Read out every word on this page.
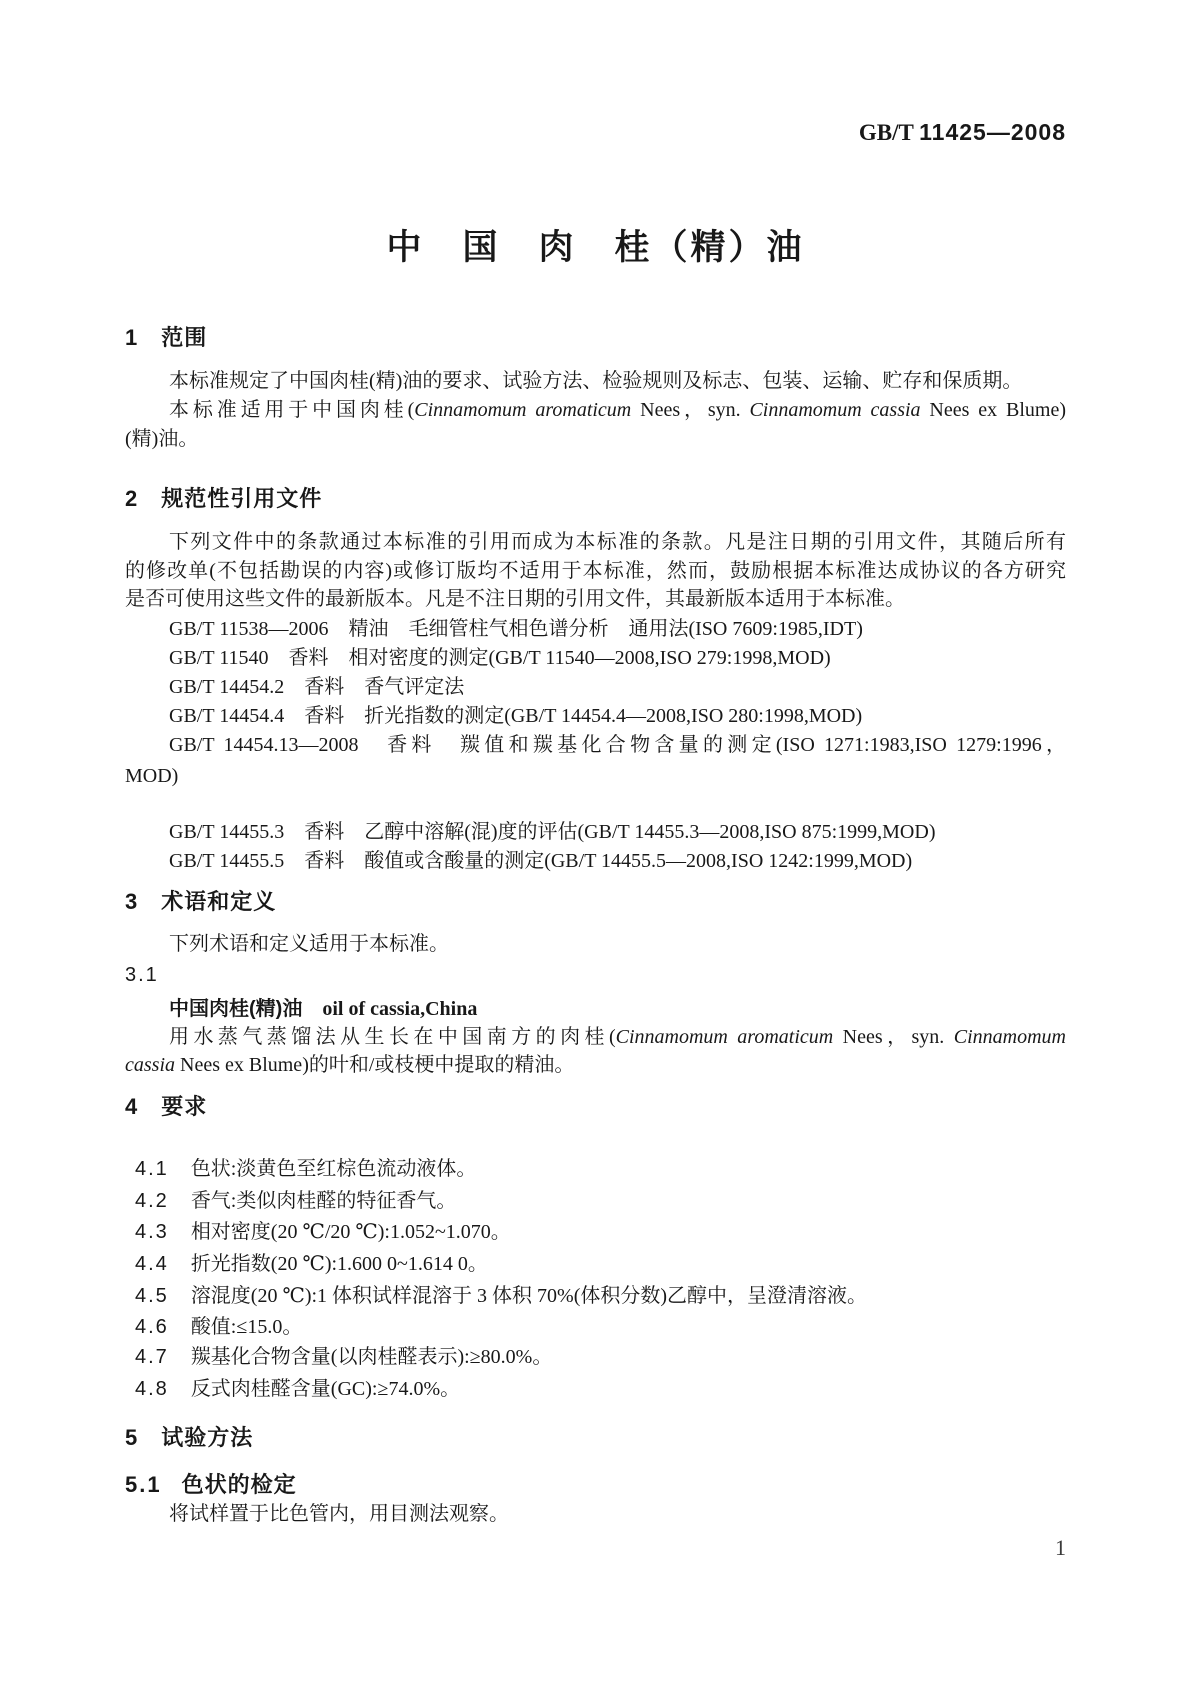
GB/T 11425—2008
中　国　肉　桂（精）油
1　范围
本标准规定了中国肉桂(精)油的要求、试验方法、检验规则及标志、包装、运输、贮存和保质期。
本标准适用于中国肉桂(Cinnamomum aromaticum Nees，syn. Cinnamomum cassia Nees ex Blume)
(精)油。
2　规范性引用文件
下列文件中的条款通过本标准的引用而成为本标准的条款。凡是注日期的引用文件，其随后所有
的修改单(不包括勘误的内容)或修订版均不适用于本标准，然而，鼓励根据本标准达成协议的各方研究
是否可使用这些文件的最新版本。凡是不注日期的引用文件，其最新版本适用于本标准。
GB/T 11538—2006　精油　毛细管柱气相色谱分析　通用法(ISO 7609:1985,IDT)
GB/T 11540　香料　相对密度的测定(GB/T 11540—2008,ISO 279:1998,MOD)
GB/T 14454.2　香料　香气评定法
GB/T 14454.4　香料　折光指数的测定(GB/T 14454.4—2008,ISO 280:1998,MOD)
GB/T 14454.13—2008　香料　羰值和羰基化合物含量的测定(ISO 1271:1983,ISO 1279:1996，
MOD)
GB/T 14455.3　香料　乙醇中溶解(混)度的评估(GB/T 14455.3—2008,ISO 875:1999,MOD)
GB/T 14455.5　香料　酸值或含酸量的测定(GB/T 14455.5—2008,ISO 1242:1999,MOD)
3　术语和定义
下列术语和定义适用于本标准。
3.1
中国肉桂(精)油　oil of cassia,China
用水蒸气蒸馏法从生长在中国南方的肉桂(Cinnamomum aromaticum Nees，syn. Cinnamomum
cassia Nees ex Blume)的叶和/或枝梗中提取的精油。
4　要求
4.1 色状:淡黄色至红棕色流动液体。
4.2 香气:类似肉桂醛的特征香气。
4.3 相对密度(20 ℃/20 ℃):1.052~1.070。
4.4 折光指数(20 ℃):1.600 0~1.614 0。
4.5 溶混度(20 ℃):1 体积试样混溶于 3 体积 70%(体积分数)乙醇中，呈澄清溶液。
4.6 酸值:≤15.0。
4.7 羰基化合物含量(以肉桂醛表示):≥80.0%。
4.8 反式肉桂醛含量(GC):≥74.0%。
5　试验方法
5.1 色状的检定
将试样置于比色管内，用目测法观察。
1
